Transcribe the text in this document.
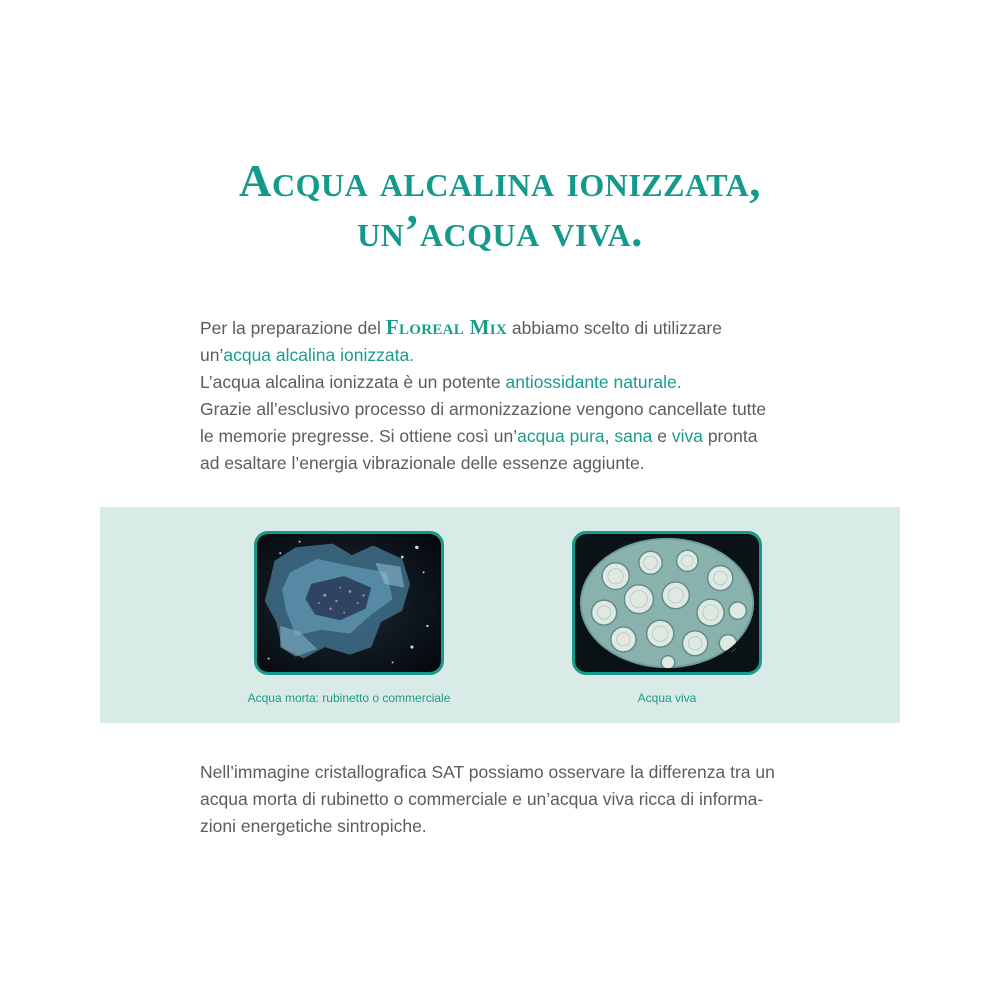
Acqua alcalina ionizzata,
un’acqua viva.

Per la preparazione del Floreal Mix abbiamo scelto di utilizzare

un’acqua alcalina ionizzata.

L’acqua alcalina ionizzata è un potente antiossidante naturale.

Grazie all’esclusivo processo di armonizzazione vengono cancellate tutte

le memorie pregresse. Si ottiene così un’acqua pura, sana e viva pronta

ad esaltare l’energia vibrazionale delle essenze aggiunte.

Acqua morta: rubinetto o commerciale	Acqua viva

Nell’immagine cristallografica SAT possiamo osservare la differenza tra un

acqua morta di rubinetto o commerciale e un’acqua viva ricca di informa-

zioni energetiche sintropiche.
